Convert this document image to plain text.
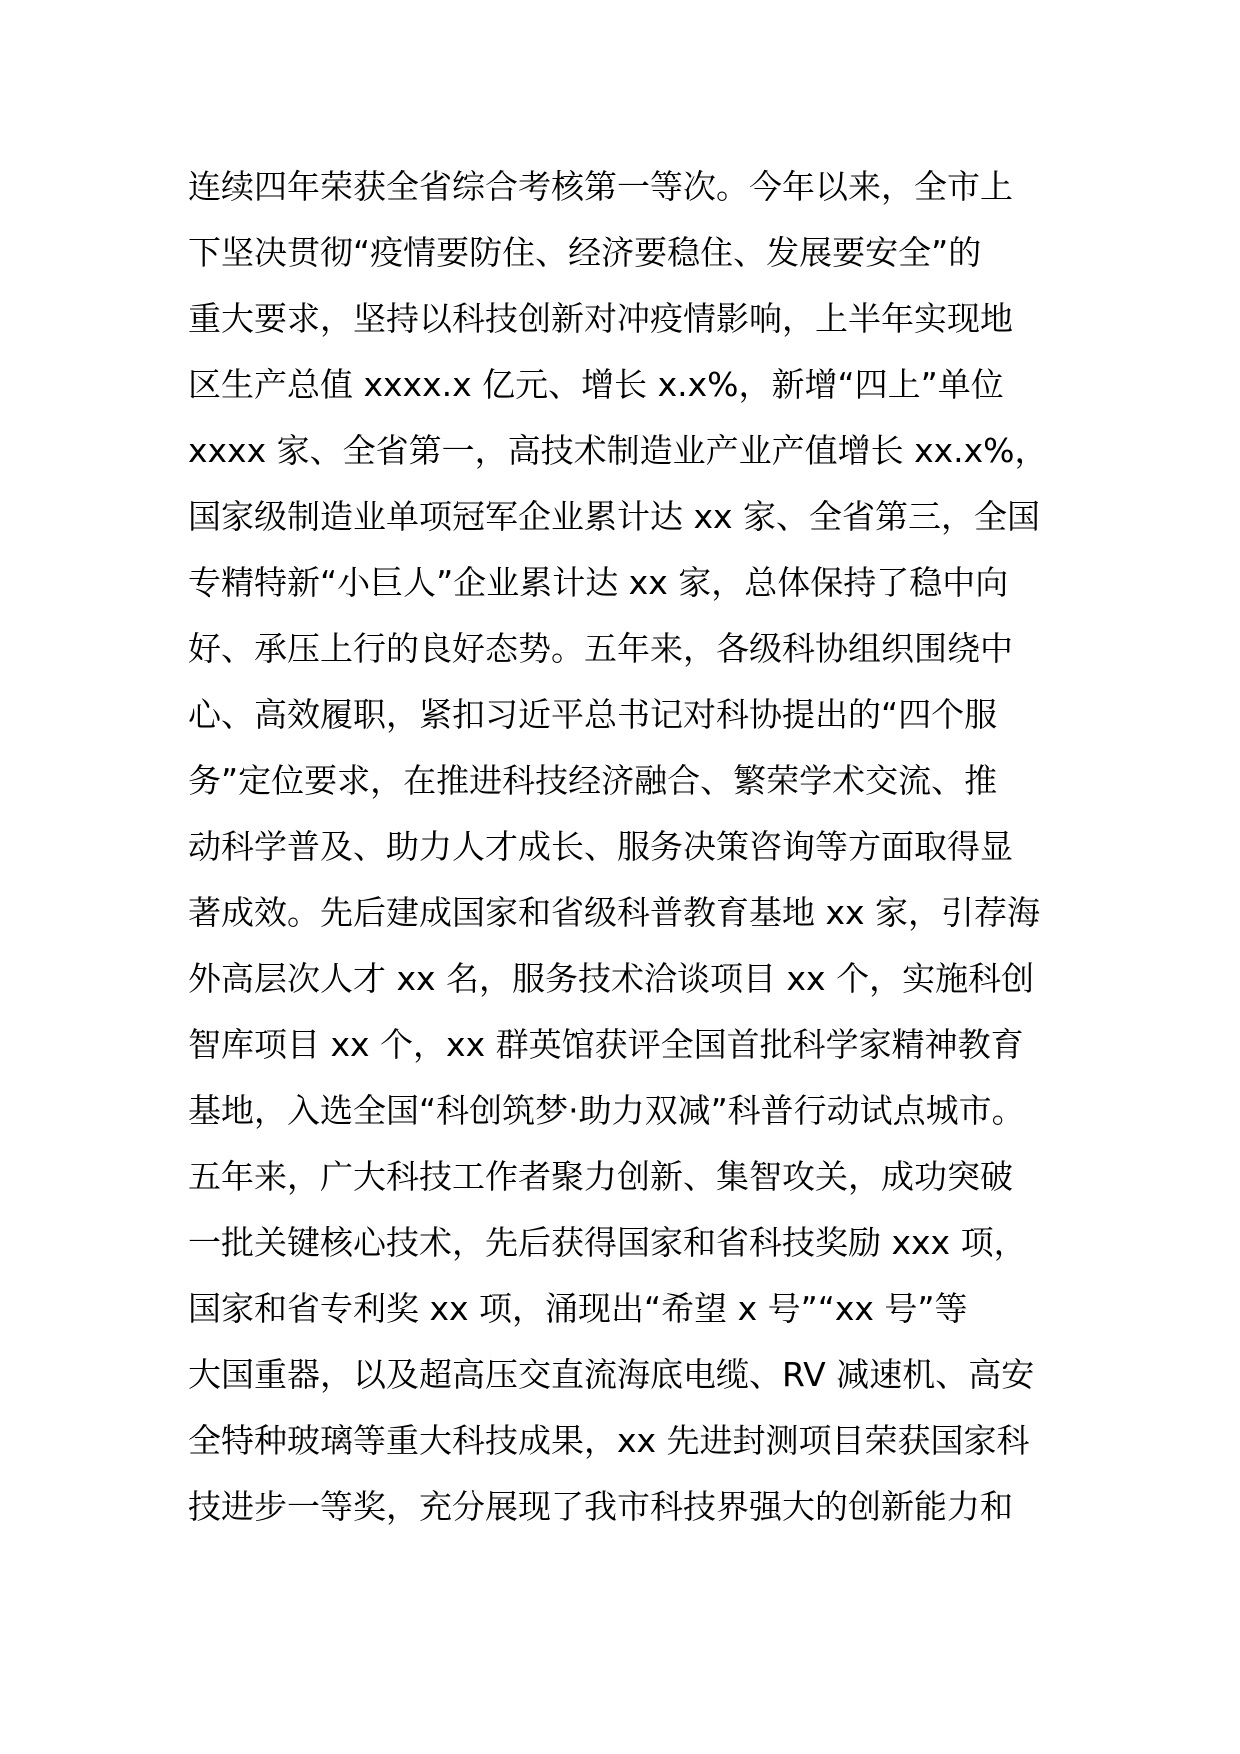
连续四年荣获全省综合考核第一等次。今年以来，全市上
下坚决贯彻“疫情要防住、经济要稳住、发展要安全”的
重大要求，坚持以科技创新对冲疫情影响，上半年实现地
区生产总值 xxxx.x 亿元、增长 x.x%，新增“四上”单位
xxxx 家、全省第一，高技术制造业产业产值增长 xx.x%，
国家级制造业单项冠军企业累计达 xx 家、全省第三，全国
专精特新“小巨人”企业累计达 xx 家，总体保持了稳中向
好、承压上行的良好态势。五年来，各级科协组织围绕中
心、高效履职，紧扣习近平总书记对科协提出的“四个服
务”定位要求，在推进科技经济融合、繁荣学术交流、推
动科学普及、助力人才成长、服务决策咨询等方面取得显
著成效。先后建成国家和省级科普教育基地 xx 家，引荐海
外高层次人才 xx 名，服务技术洽谈项目 xx 个，实施科创
智库项目 xx 个，xx 群英馆获评全国首批科学家精神教育
基地，入选全国“科创筑梦·助力双减”科普行动试点城市。
五年来，广大科技工作者聚力创新、集智攻关，成功突破
一批关键核心技术，先后获得国家和省科技奖励 xxx 项，
国家和省专利奖 xx 项，涌现出“希望 x 号”“xx 号”等
大国重器，以及超高压交直流海底电缆、RV 减速机、高安
全特种玻璃等重大科技成果，xx 先进封测项目荣获国家科
技进步一等奖，充分展现了我市科技界强大的创新能力和
